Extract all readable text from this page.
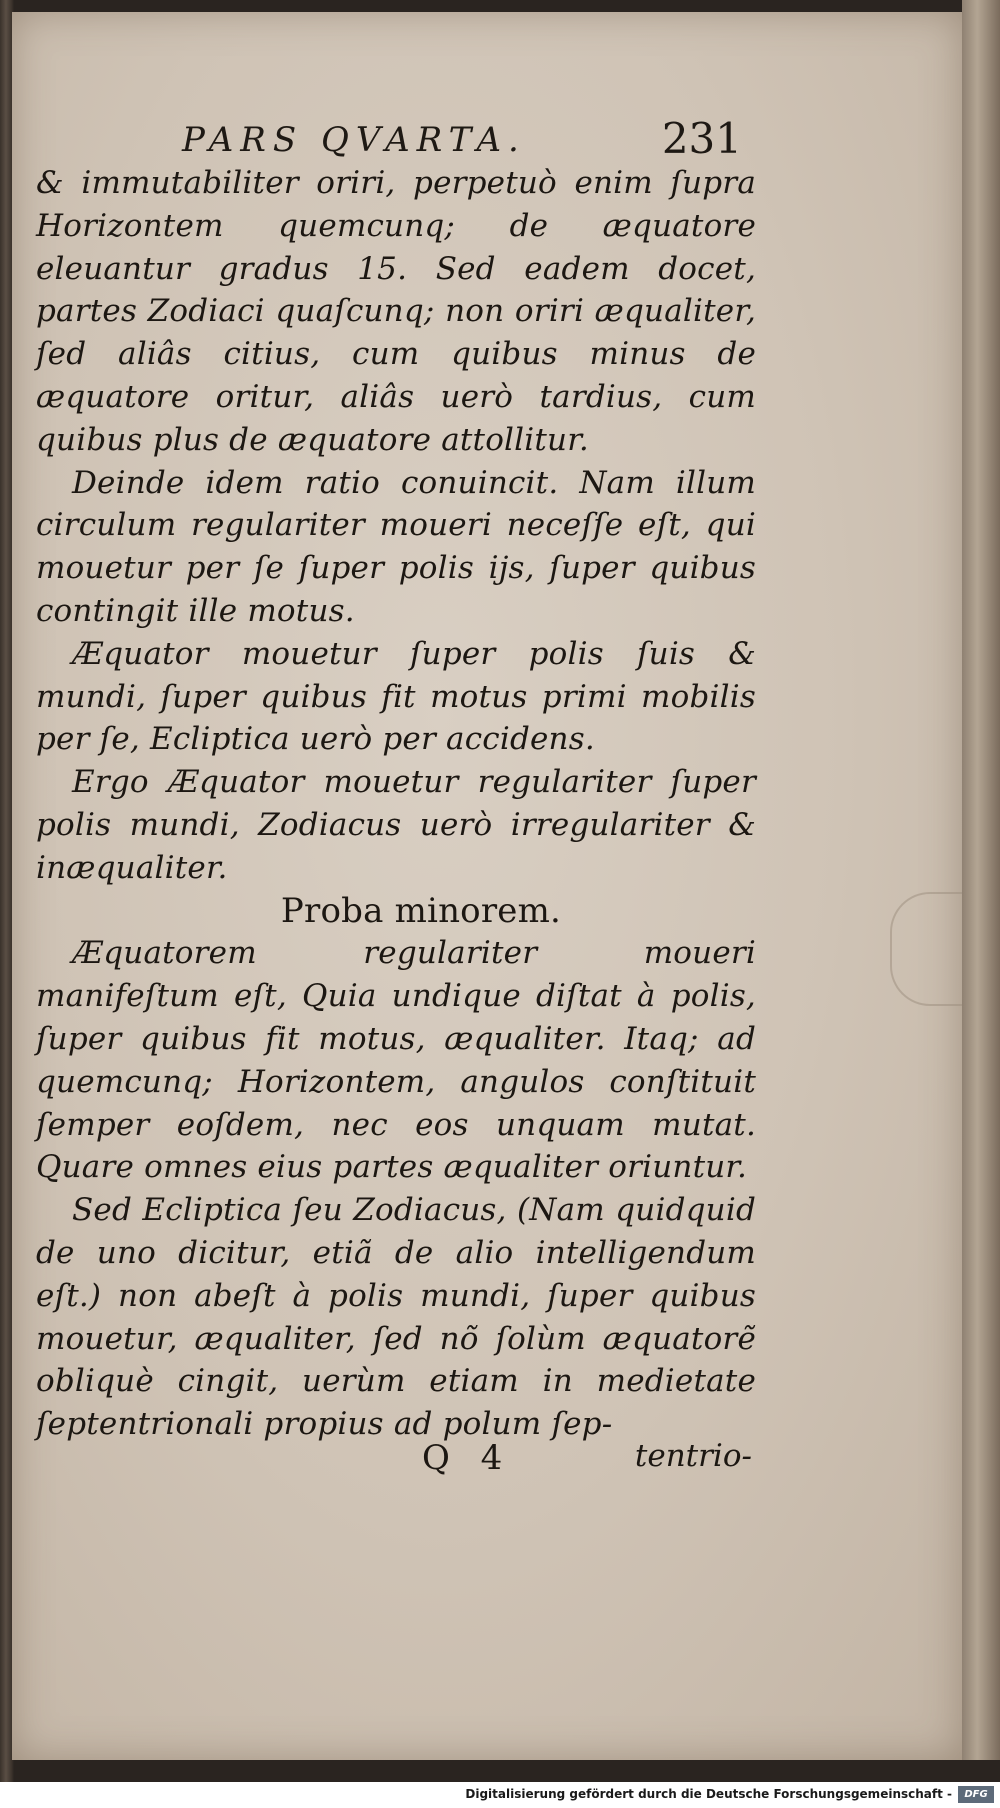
PARS QVARTA.	231

& immutabiliter oriri, perpetuò enim ſupra Horizontem quemcunq; de æquatore eleuantur gradus 15. Sed eadem docet, partes Zodiaci quaſcunq; non oriri æqualiter, ſed aliâs citius, cum quibus minus de æquatore oritur, aliâs uerò tardius, cum quibus plus de æquatore attollitur.

Deinde idem ratio conuincit. Nam illum circulum regulariter moueri neceſſe eſt, qui mouetur per ſe ſuper polis ijs, ſuper quibus contingit ille motus.

Æquator mouetur ſuper polis ſuis & mundi, ſuper quibus fit motus primi mobilis per ſe, Ecliptica uerò per accidens.

Ergo Æquator mouetur regulariter ſuper polis mundi, Zodiacus uerò irregulariter & inæqualiter.

Proba minorem.

Æquatorem regulariter moueri manifeſtum eſt, Quia undique diſtat à polis, ſuper quibus fit motus, æqualiter. Itaq; ad quemcunq; Horizontem, angulos conſtituit ſemper eoſdem, nec eos unquam mutat. Quare omnes eius partes æqualiter oriuntur.

Sed Ecliptica ſeu Zodiacus, (Nam quidquid de uno dicitur, etiã de alio intelligendum eſt.) non abeſt à polis mundi, ſuper quibus mouetur, æqualiter, ſed nõ ſolùm æquatorẽ obliquè cingit, uerùm etiam in medietate ſeptentrionali propius ad polum ſep-

Q 4	tentrio-
Digitalisierung gefördert durch die Deutsche Forschungsgemeinschaft -	DFG
